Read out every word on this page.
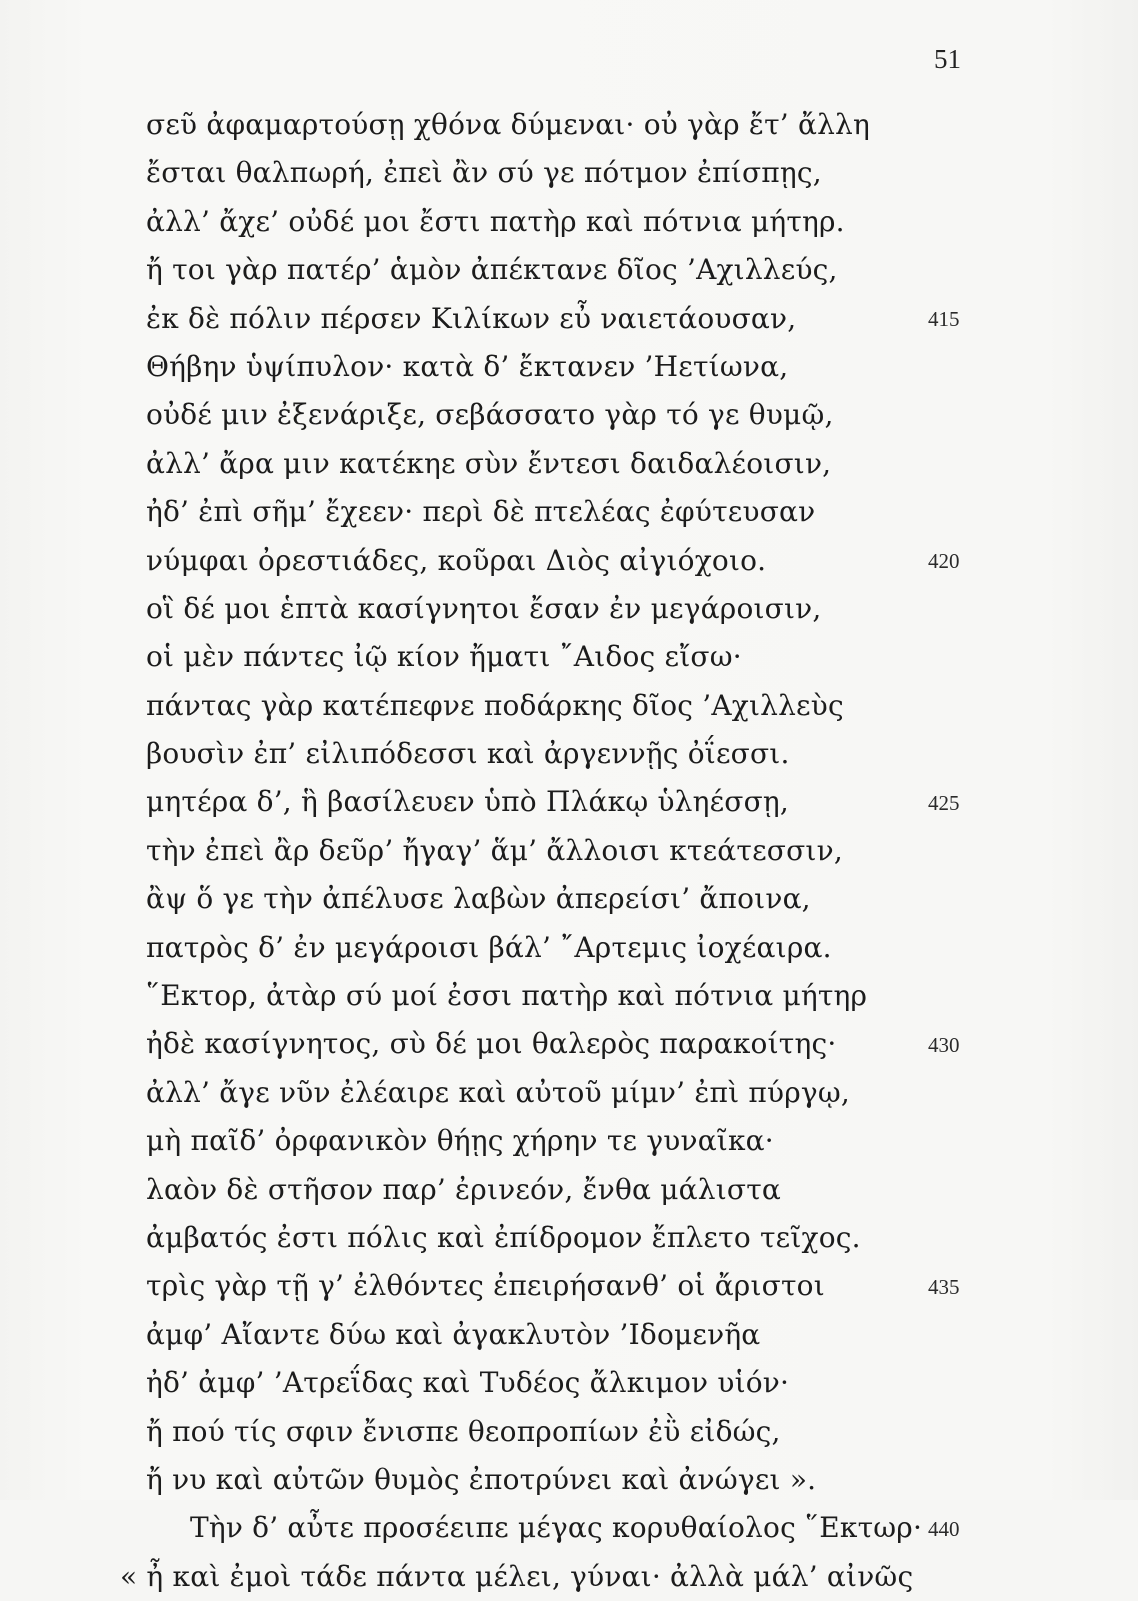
51
σεῦ ἀφαμαρτούσῃ χθόνα δύμεναι· οὐ γὰρ ἔτ’ ἄλλη
ἔσται θαλπωρή, ἐπεὶ ἂν σύ γε πότμον ἐπίσπῃς,
ἀλλ’ ἄχε’ οὐδέ μοι ἔστι πατὴρ καὶ πότνια μήτηρ.
ἤ τοι γὰρ πατέρ’ ἁμὸν ἀπέκτανε δῖος ’Αχιλλεύς,
ἐκ δὲ πόλιν πέρσεν Κιλίκων εὖ ναιετάουσαν,
Θήβην ὑψίπυλον· κατὰ δ’ ἔκτανεν ’Ηετίωνα,
οὐδέ μιν ἐξενάριξε, σεβάσσατο γὰρ τό γε θυμῷ,
ἀλλ’ ἄρα μιν κατέκηε σὺν ἔντεσι δαιδαλέοισιν,
ἠδ’ ἐπὶ σῆμ’ ἔχεεν· περὶ δὲ πτελέας ἐφύτευσαν
νύμφαι ὀρεστιάδες, κοῦραι Διὸς αἰγιόχοιο.
οἳ δέ μοι ἑπτὰ κασίγνητοι ἔσαν ἐν μεγάροισιν,
οἱ μὲν πάντες ἰῷ κίον ἤματι ῎Αιδος εἴσω·
πάντας γὰρ κατέπεφνε ποδάρκης δῖος ’Αχιλλεὺς
βουσὶν ἐπ’ εἰλιπόδεσσι καὶ ἀργεννῇς ὀΐεσσι.
μητέρα δ’, ἣ βασίλευεν ὑπὸ Πλάκῳ ὑληέσσῃ,
τὴν ἐπεὶ ἂρ δεῦρ’ ἤγαγ’ ἅμ’ ἄλλοισι κτεάτεσσιν,
ἂψ ὅ γε τὴν ἀπέλυσε λαβὼν ἀπερείσι’ ἄποινα,
πατρὸς δ’ ἐν μεγάροισι βάλ’ ῎Αρτεμις ἰοχέαιρα.
῞Εκτορ, ἀτὰρ σύ μοί ἐσσι πατὴρ καὶ πότνια μήτηρ
ἠδὲ κασίγνητος, σὺ δέ μοι θαλερὸς παρακοίτης·
ἀλλ’ ἄγε νῦν ἐλέαιρε καὶ αὐτοῦ μίμν’ ἐπὶ πύργῳ,
μὴ παῖδ’ ὀρφανικὸν θήῃς χήρην τε γυναῖκα·
λαὸν δὲ στῆσον παρ’ ἐρινεόν, ἔνθα μάλιστα
ἀμβατός ἐστι πόλις καὶ ἐπίδρομον ἔπλετο τεῖχος.
τρὶς γὰρ τῇ γ’ ἐλθόντες ἐπειρήσανθ’ οἱ ἄριστοι
ἀμφ’ Αἴαντε δύω καὶ ἀγακλυτὸν ’Ιδομενῆα
ἠδ’ ἀμφ’ ’Ατρεΐδας καὶ Τυδέος ἄλκιμον υἱόν·
ἤ πού τίς σφιν ἔνισπε θεοπροπίων ἐῢ εἰδώς,
ἤ νυ καὶ αὐτῶν θυμὸς ἐποτρύνει καὶ ἀνώγει ».
Τὴν δ’ αὖτε προσέειπε μέγας κορυθαίολος ῞Εκτωρ·
« ἦ καὶ ἐμοὶ τάδε πάντα μέλει, γύναι· ἀλλὰ μάλ’ αἰνῶς
415
420
425
430
435
440
